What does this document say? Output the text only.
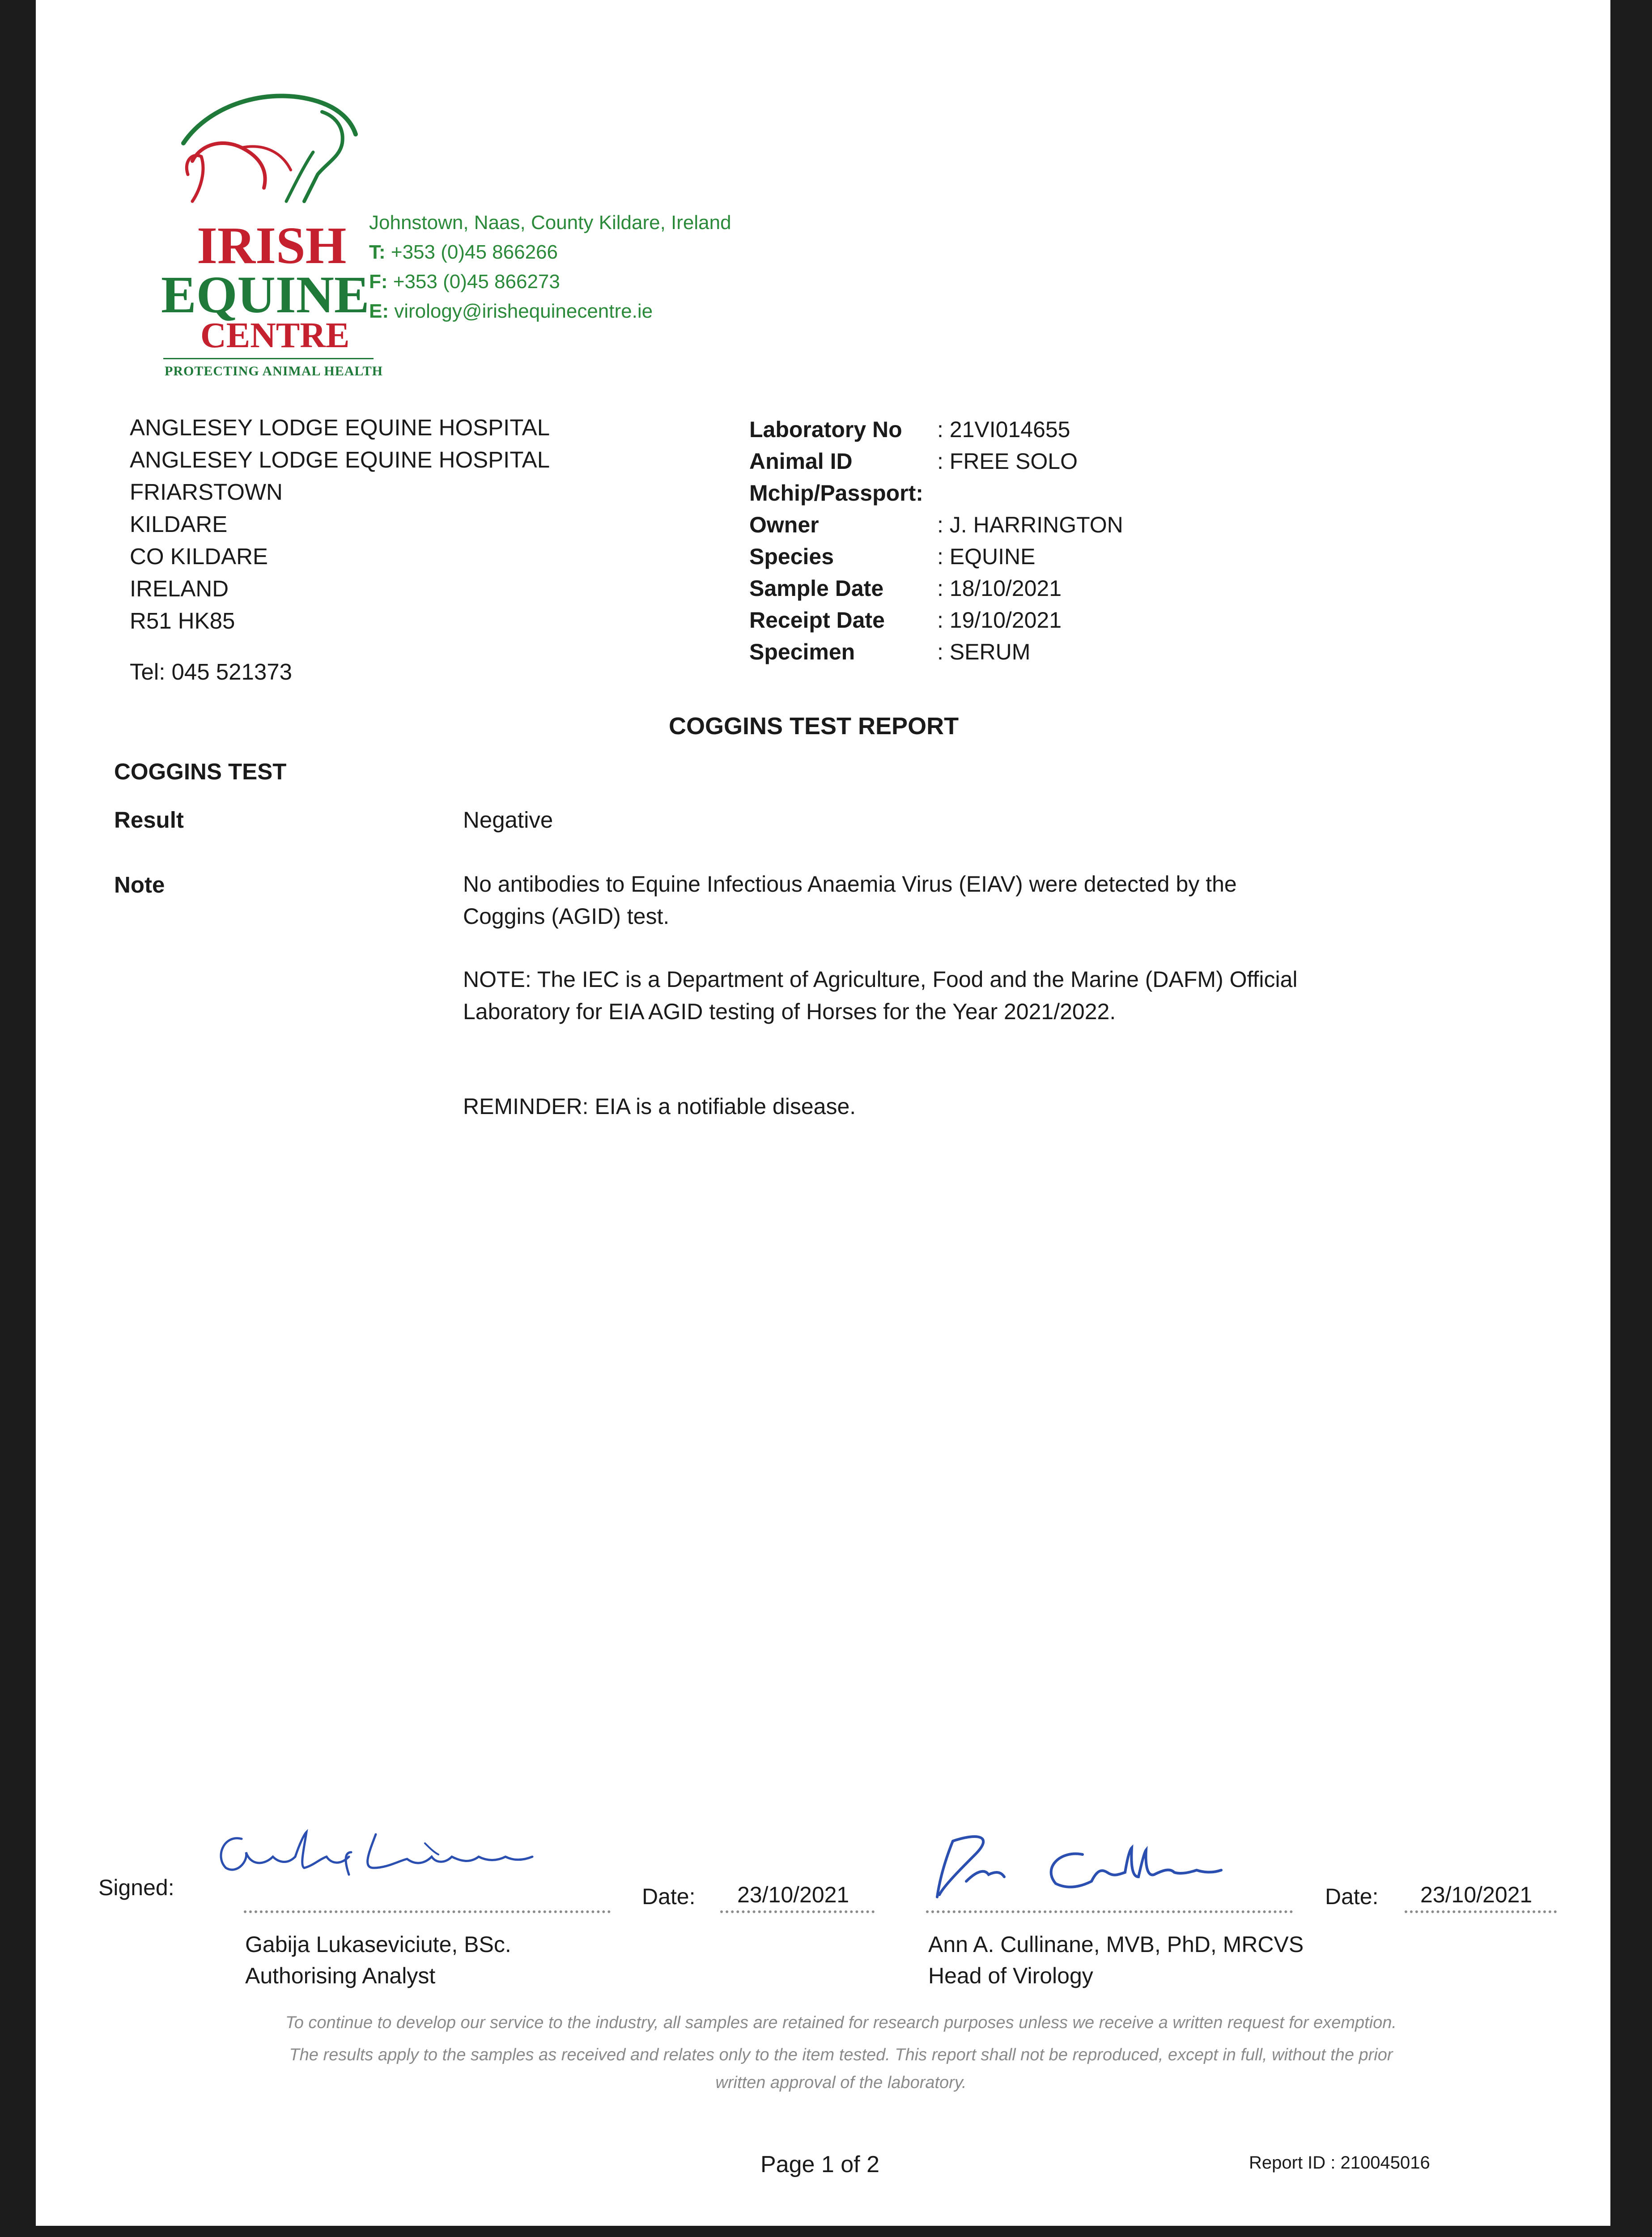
IRISH
EQUINE
CENTRE
PROTECTING ANIMAL HEALTH
Johnstown, Naas, County Kildare, Ireland
T: +353 (0)45 866266
F: +353 (0)45 866273
E: virology@irishequinecentre.ie
ANGLESEY LODGE EQUINE HOSPITAL
ANGLESEY LODGE EQUINE HOSPITAL
FRIARSTOWN
KILDARE
CO KILDARE
IRELAND
R51 HK85
Tel: 045 521373
Laboratory No	: 21VI014655
Animal ID	: FREE SOLO
Mchip/Passport:
Owner	: J. HARRINGTON
Species	: EQUINE
Sample Date	: 18/10/2021
Receipt Date	: 19/10/2021
Specimen	: SERUM
COGGINS TEST REPORT
COGGINS TEST
Result	Negative
Note	No antibodies to Equine Infectious Anaemia Virus (EIAV) were detected by the Coggins (AGID) test.
NOTE: The IEC is a Department of Agriculture, Food and the Marine (DAFM) Official Laboratory for EIA AGID testing of Horses for the Year 2021/2022.
REMINDER: EIA is a notifiable disease.
Signed:	Date: 23/10/2021
Gabija Lukaseviciute, BSc.
Authorising Analyst
Date: 23/10/2021
Ann A. Cullinane, MVB, PhD, MRCVS
Head of Virology
To continue to develop our service to the industry, all samples are retained for research purposes unless we receive a written request for exemption.
The results apply to the samples as received and relates only to the item tested. This report shall not be reproduced, except in full, without the prior
written approval of the laboratory.
Page 1 of 2	Report ID : 210045016
